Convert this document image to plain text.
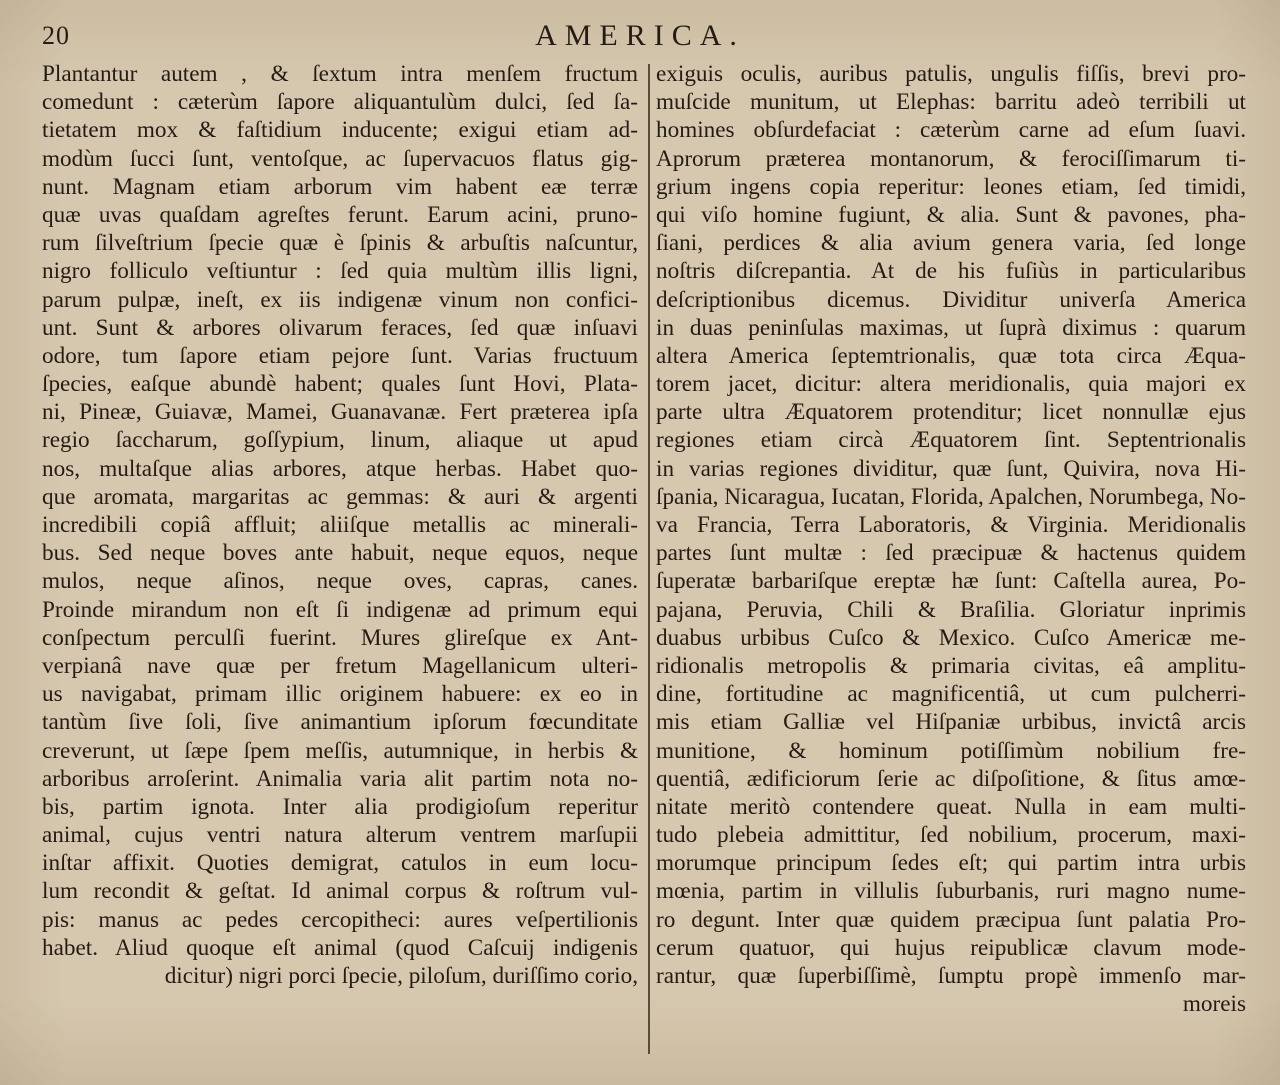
20	AMERICA.
Plantantur autem , & ſextum intra menſem fructum
comedunt : cæterùm ſapore aliquantulùm dulci, ſed ſa-
tietatem mox & faſtidium inducente; exigui etiam ad-
modùm ſucci ſunt, ventoſque, ac ſupervacuos flatus gig-
nunt. Magnam etiam arborum vim habent eæ terræ
quæ uvas quaſdam agreſtes ferunt. Earum acini, pruno-
rum ſilveſtrium ſpecie quæ è ſpinis & arbuſtis naſcuntur,
nigro folliculo veſtiuntur : ſed quia multùm illis ligni,
parum pulpæ, ineſt, ex iis indigenæ vinum non confici-
unt. Sunt & arbores olivarum feraces, ſed quæ inſuavi
odore, tum ſapore etiam pejore ſunt. Varias fructuum
ſpecies, eaſque abundè habent; quales ſunt Hovi, Plata-
ni, Pineæ, Guiavæ, Mamei, Guanavanæ. Fert præterea ipſa
regio ſaccharum, goſſypium, linum, aliaque ut apud
nos, multaſque alias arbores, atque herbas. Habet quo-
que aromata, margaritas ac gemmas: & auri & argenti
incredibili copiâ affluit; aliiſque metallis ac minerali-
bus. Sed neque boves ante habuit, neque equos, neque
mulos, neque aſinos, neque oves, capras, canes.
Proinde mirandum non eſt ſi indigenæ ad primum equi
conſpectum perculſi fuerint. Mures glireſque ex Ant-
verpianâ nave quæ per fretum Magellanicum ulteri-
us navigabat, primam illic originem habuere: ex eo in
tantùm ſive ſoli, ſive animantium ipſorum fœcunditate
creverunt, ut ſæpe ſpem meſſis, autumnique, in herbis &
arboribus arroſerint. Animalia varia alit partim nota no-
bis, partim ignota. Inter alia prodigioſum reperitur
animal, cujus ventri natura alterum ventrem marſupii
inſtar affixit. Quoties demigrat, catulos in eum locu-
lum recondit & geſtat. Id animal corpus & roſtrum vul-
pis: manus ac pedes cercopitheci: aures veſpertilionis
habet. Aliud quoque eſt animal (quod Caſcuij indigenis
dicitur) nigri porci ſpecie, piloſum, duriſſimo corio,
exiguis oculis, auribus patulis, ungulis fiſſis, brevi pro-
muſcide munitum, ut Elephas: barritu adeò terribili ut
homines obſurdefaciat : cæterùm carne ad eſum ſuavi.
Aprorum præterea montanorum, & ferociſſimarum ti-
grium ingens copia reperitur: leones etiam, ſed timidi,
qui viſo homine fugiunt, & alia. Sunt & pavones, pha-
ſiani, perdices & alia avium genera varia, ſed longe
noſtris diſcrepantia. At de his fuſiùs in particularibus
deſcriptionibus dicemus. Dividitur univerſa America
in duas peninſulas maximas, ut ſuprà diximus : quarum
altera America ſeptemtrionalis, quæ tota circa Æqua-
torem jacet, dicitur: altera meridionalis, quia majori ex
parte ultra Æquatorem protenditur; licet nonnullæ ejus
regiones etiam circà Æquatorem ſint. Septentrionalis
in varias regiones dividitur, quæ ſunt, Quivira, nova Hi-
ſpania, Nicaragua, Iucatan, Florida, Apalchen, Norumbega, No-
va Francia, Terra Laboratoris, & Virginia. Meridionalis
partes ſunt multæ : ſed præcipuæ & hactenus quidem
ſuperatæ barbariſque ereptæ hæ ſunt: Caſtella aurea, Po-
pajana, Peruvia, Chili & Braſilia. Gloriatur inprimis
duabus urbibus Cuſco & Mexico. Cuſco Americæ me-
ridionalis metropolis & primaria civitas, eâ amplitu-
dine, fortitudine ac magnificentiâ, ut cum pulcherri-
mis etiam Galliæ vel Hiſpaniæ urbibus, invictâ arcis
munitione, & hominum potiſſimùm nobilium fre-
quentiâ, ædificiorum ſerie ac diſpoſitione, & ſitus amœ-
nitate meritò contendere queat. Nulla in eam multi-
tudo plebeia admittitur, ſed nobilium, procerum, maxi-
morumque principum ſedes eſt; qui partim intra urbis
mœnia, partim in villulis ſuburbanis, ruri magno nume-
ro degunt. Inter quæ quidem præcipua ſunt palatia Pro-
cerum quatuor, qui hujus reipublicæ clavum mode-
rantur, quæ ſuperbiſſimè, ſumptu propè immenſo mar-
moreis
